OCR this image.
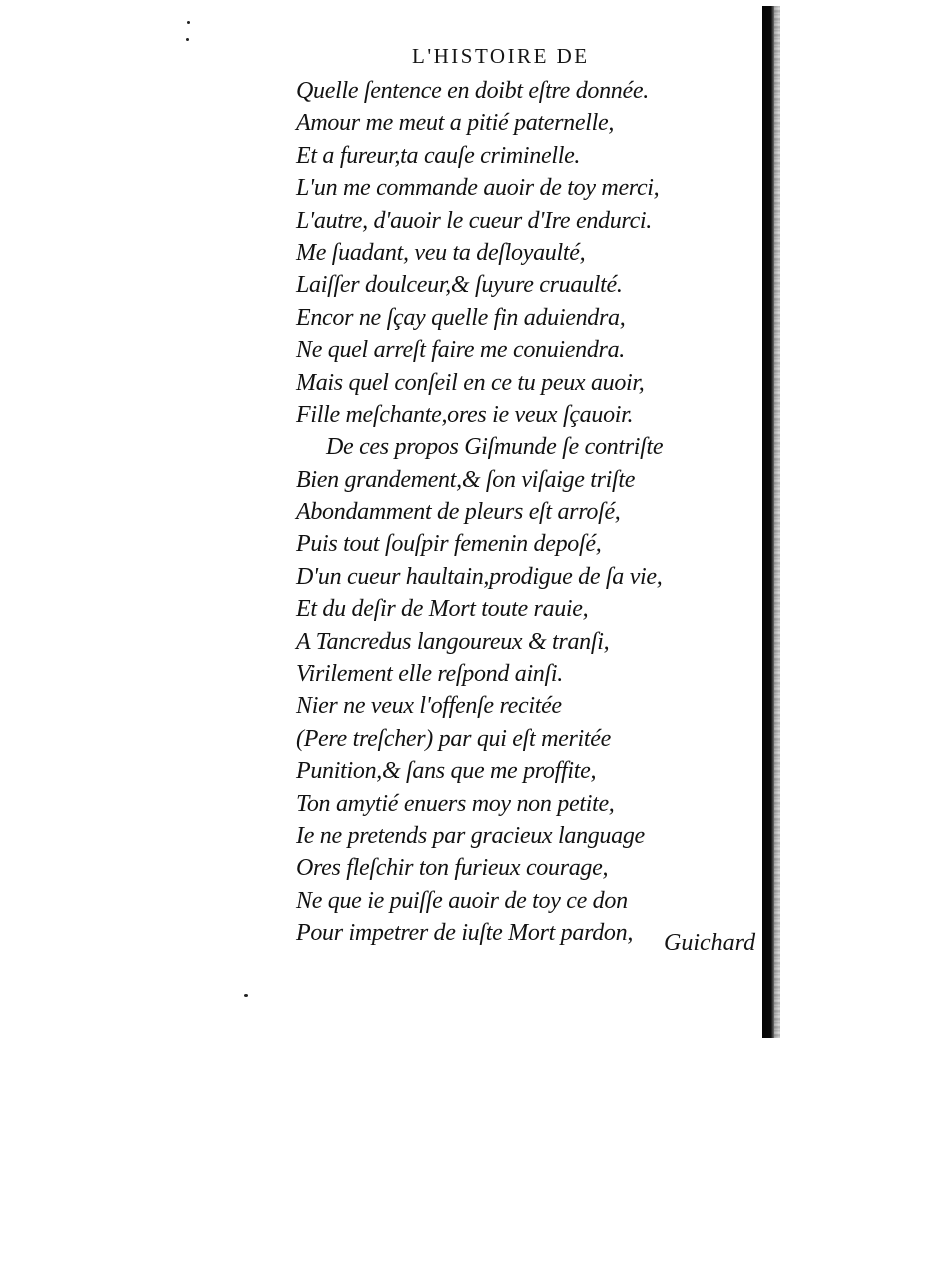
L'HISTOIRE DE
Quelle ſentence en doibt eſtre donnée.
Amour me meut a pitié paternelle,
Et a fureur,ta cauſe criminelle.
L'un me commande auoir de toy merci,
L'autre, d'auoir le cueur d'Ire endurci.
Me ſuadant, veu ta deſloyaulté,
Laiſſer doulceur,& ſuyure cruaulté.
Encor ne ſçay quelle fin aduiendra,
Ne quel arreſt faire me conuiendra.
Mais quel conſeil en ce tu peux auoir,
Fille meſchante,ores ie veux ſçauoir.
De ces propos Giſmunde ſe contriſte
Bien grandement,& ſon viſaige triſte
Abondamment de pleurs eſt arroſé,
Puis tout ſouſpir femenin depoſé,
D'un cueur haultain,prodigue de ſa vie,
Et du deſir de Mort toute rauie,
A Tancredus langoureux & tranſi,
Virilement elle reſpond ainſi.
Nier ne veux l'offenſe recitée
(Pere treſcher) par qui eſt meritée
Punition,& ſans que me proffite,
Ton amytié enuers moy non petite,
Ie ne pretends par gracieux language
Ores fleſchir ton furieux courage,
Ne que ie puiſſe auoir de toy ce don
Pour impetrer de iuſte Mort pardon,	Guichard
